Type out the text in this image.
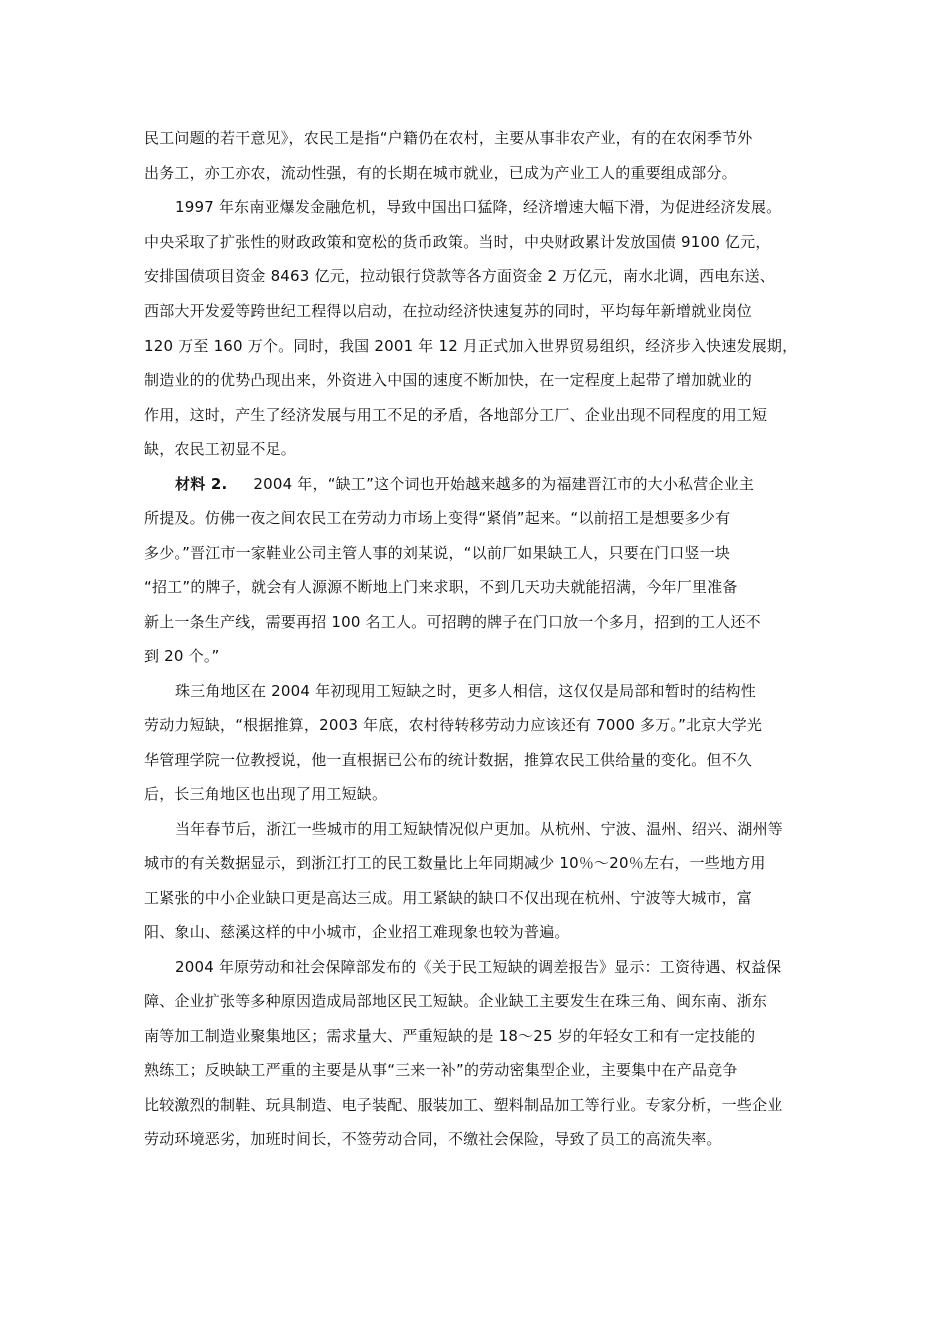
民工问题的若干意见》，农民工是指“户籍仍在农村，主要从事非农产业，有的在农闲季节外
出务工，亦工亦农，流动性强，有的长期在城市就业，已成为产业工人的重要组成部分。
1997 年东南亚爆发金融危机，导致中国出口猛降，经济增速大幅下滑，为促进经济发展。
中央采取了扩张性的财政政策和宽松的货币政策。当时，中央财政累计发放国债 9100 亿元，
安排国债项目资金 8463 亿元，拉动银行贷款等各方面资金 2 万亿元，南水北调，西电东送、
西部大开发爱等跨世纪工程得以启动，在拉动经济快速复苏的同时，平均每年新增就业岗位
120 万至 160 万个。同时，我国 2001 年 12 月正式加入世界贸易组织，经济步入快速发展期，
制造业的的优势凸现出来，外资进入中国的速度不断加快，在一定程度上起带了增加就业的
作用，这时，产生了经济发展与用工不足的矛盾，各地部分工厂、企业出现不同程度的用工短
缺，农民工初显不足。
材料 2. 2004 年，“缺工”这个词也开始越来越多的为福建晋江市的大小私营企业主
所提及。仿佛一夜之间农民工在劳动力市场上变得“紧俏”起来。“以前招工是想要多少有
多少。”晋江市一家鞋业公司主管人事的刘某说，“以前厂如果缺工人，只要在门口竖一块
“招工”的牌子，就会有人源源不断地上门来求职，不到几天功夫就能招满，今年厂里准备
新上一条生产线，需要再招 100 名工人。可招聘的牌子在门口放一个多月，招到的工人还不
到 20 个。”
珠三角地区在 2004 年初现用工短缺之时，更多人相信，这仅仅是局部和暂时的结构性
劳动力短缺，“根据推算，2003 年底，农村待转移劳动力应该还有 7000 多万。”北京大学光
华管理学院一位教授说，他一直根据已公布的统计数据，推算农民工供给量的变化。但不久
后，长三角地区也出现了用工短缺。
当年春节后，浙江一些城市的用工短缺情况似户更加。从杭州、宁波、温州、绍兴、湖州等
城市的有关数据显示，到浙江打工的民工数量比上年同期减少 10％～20％左右，一些地方用
工紧张的中小企业缺口更是高达三成。用工紧缺的缺口不仅出现在杭州、宁波等大城市，富
阳、象山、慈溪这样的中小城市，企业招工难现象也较为普遍。
2004 年原劳动和社会保障部发布的《关于民工短缺的调差报告》显示：工资待遇、权益保
障、企业扩张等多种原因造成局部地区民工短缺。企业缺工主要发生在珠三角、闽东南、浙东
南等加工制造业聚集地区；需求量大、严重短缺的是 18～25 岁的年轻女工和有一定技能的
熟练工；反映缺工严重的主要是从事“三来一补”的劳动密集型企业，主要集中在产品竞争
比较激烈的制鞋、玩具制造、电子装配、服装加工、塑料制品加工等行业。专家分析，一些企业
劳动环境恶劣，加班时间长，不签劳动合同，不缴社会保险，导致了员工的高流失率。
